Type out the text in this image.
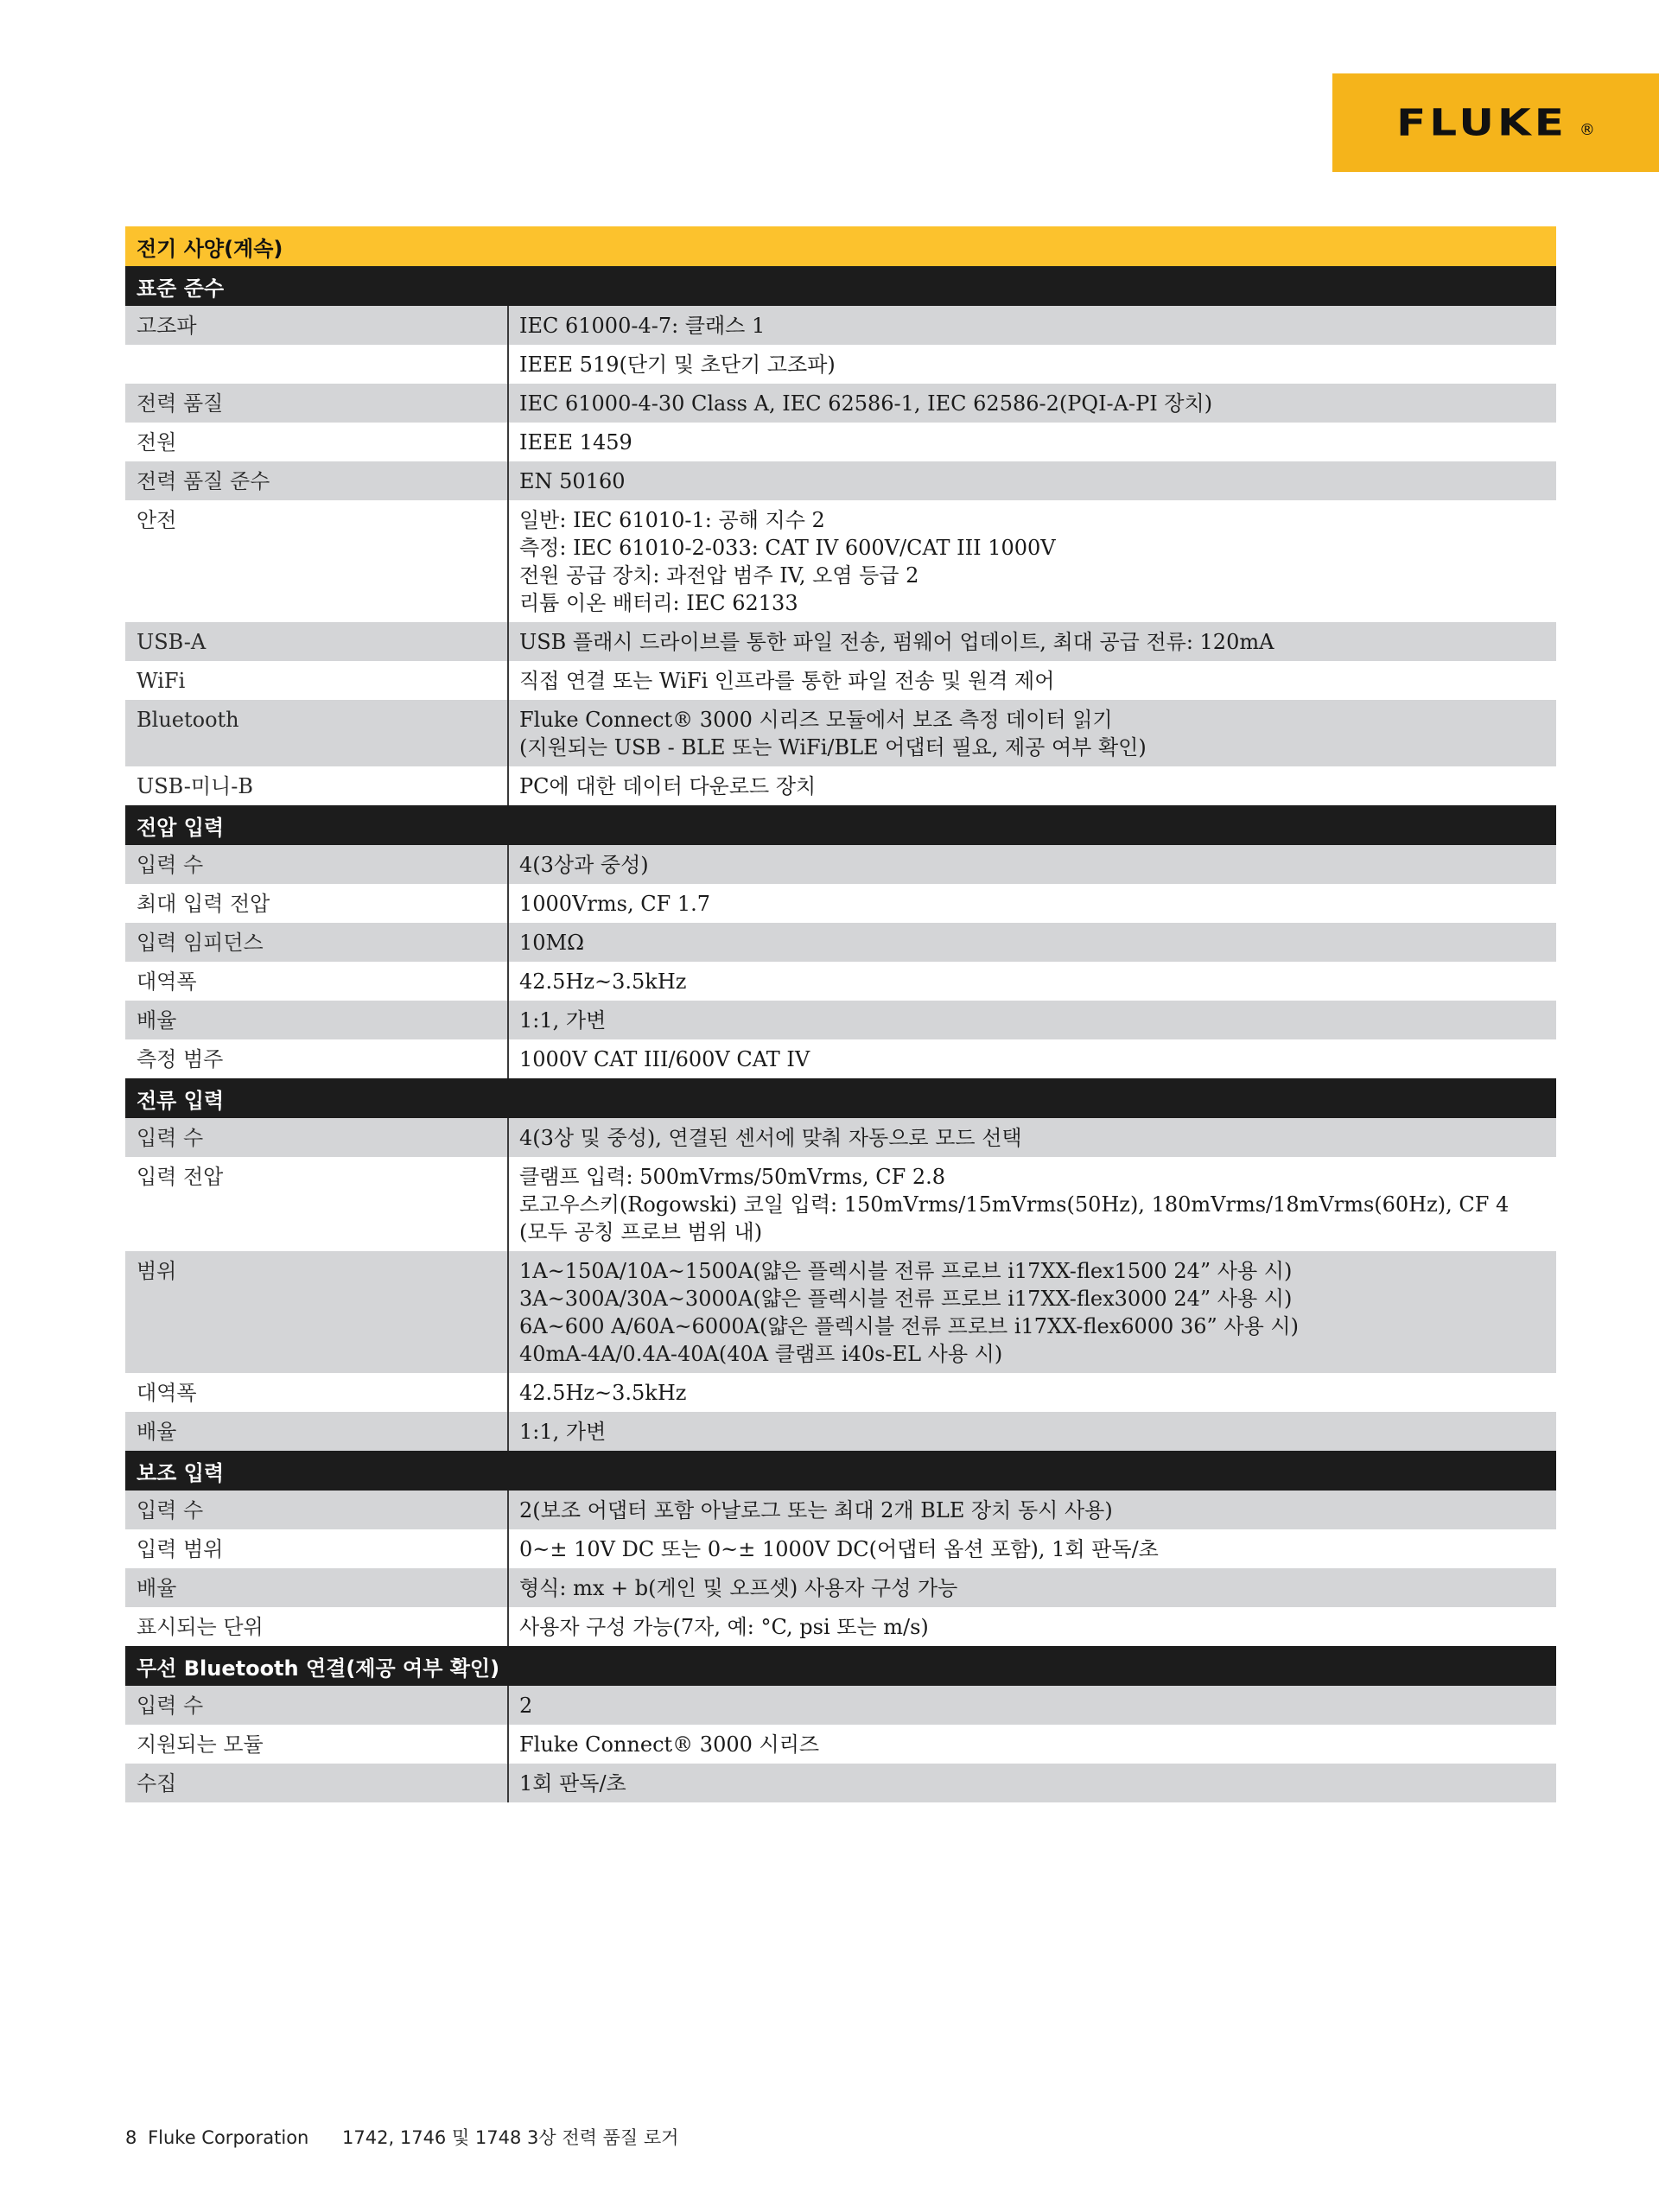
FLUKE ®
전기 사양(계속)
표준 준수
고조파	IEC 61000-4-7: 클래스 1
IEEE 519(단기 및 초단기 고조파)
전력 품질	IEC 61000-4-30 Class A, IEC 62586-1, IEC 62586-2(PQI-A-PI 장치)
전원	IEEE 1459
전력 품질 준수	EN 50160
안전	일반: IEC 61010-1: 공해 지수 2
측정: IEC 61010-2-033: CAT IV 600V/CAT III 1000V
전원 공급 장치: 과전압 범주 IV, 오염 등급 2
리튬 이온 배터리: IEC 62133
USB-A	USB 플래시 드라이브를 통한 파일 전송, 펌웨어 업데이트, 최대 공급 전류: 120mA
WiFi	직접 연결 또는 WiFi 인프라를 통한 파일 전송 및 원격 제어
Bluetooth	Fluke Connect® 3000 시리즈 모듈에서 보조 측정 데이터 읽기
(지원되는 USB - BLE 또는 WiFi/BLE 어댑터 필요, 제공 여부 확인)
USB-미니-B	PC에 대한 데이터 다운로드 장치
전압 입력
입력 수	4(3상과 중성)
최대 입력 전압	1000Vrms, CF 1.7
입력 임피던스	10MΩ
대역폭	42.5Hz~3.5kHz
배율	1:1, 가변
측정 범주	1000V CAT III/600V CAT IV
전류 입력
입력 수	4(3상 및 중성), 연결된 센서에 맞춰 자동으로 모드 선택
입력 전압	클램프 입력: 500mVrms/50mVrms, CF 2.8
로고우스키(Rogowski) 코일 입력: 150mVrms/15mVrms(50Hz), 180mVrms/18mVrms(60Hz), CF 4
(모두 공칭 프로브 범위 내)
범위	1A~150A/10A~1500A(얇은 플렉시블 전류 프로브 i17XX-flex1500 24” 사용 시)
3A~300A/30A~3000A(얇은 플렉시블 전류 프로브 i17XX-flex3000 24” 사용 시)
6A~600 A/60A~6000A(얇은 플렉시블 전류 프로브 i17XX-flex6000 36” 사용 시)
40mA-4A/0.4A-40A(40A 클램프 i40s-EL 사용 시)
대역폭	42.5Hz~3.5kHz
배율	1:1, 가변
보조 입력
입력 수	2(보조 어댑터 포함 아날로그 또는 최대 2개 BLE 장치 동시 사용)
입력 범위	0~± 10V DC 또는 0~± 1000V DC(어댑터 옵션 포함), 1회 판독/초
배율	형식: mx + b(게인 및 오프셋) 사용자 구성 가능
표시되는 단위	사용자 구성 가능(7자, 예: °C, psi 또는 m/s)
무선 Bluetooth 연결(제공 여부 확인)
입력 수	2
지원되는 모듈	Fluke Connect® 3000 시리즈
수집	1회 판독/초
8 Fluke Corporation 1742, 1746 및 1748 3상 전력 품질 로거
